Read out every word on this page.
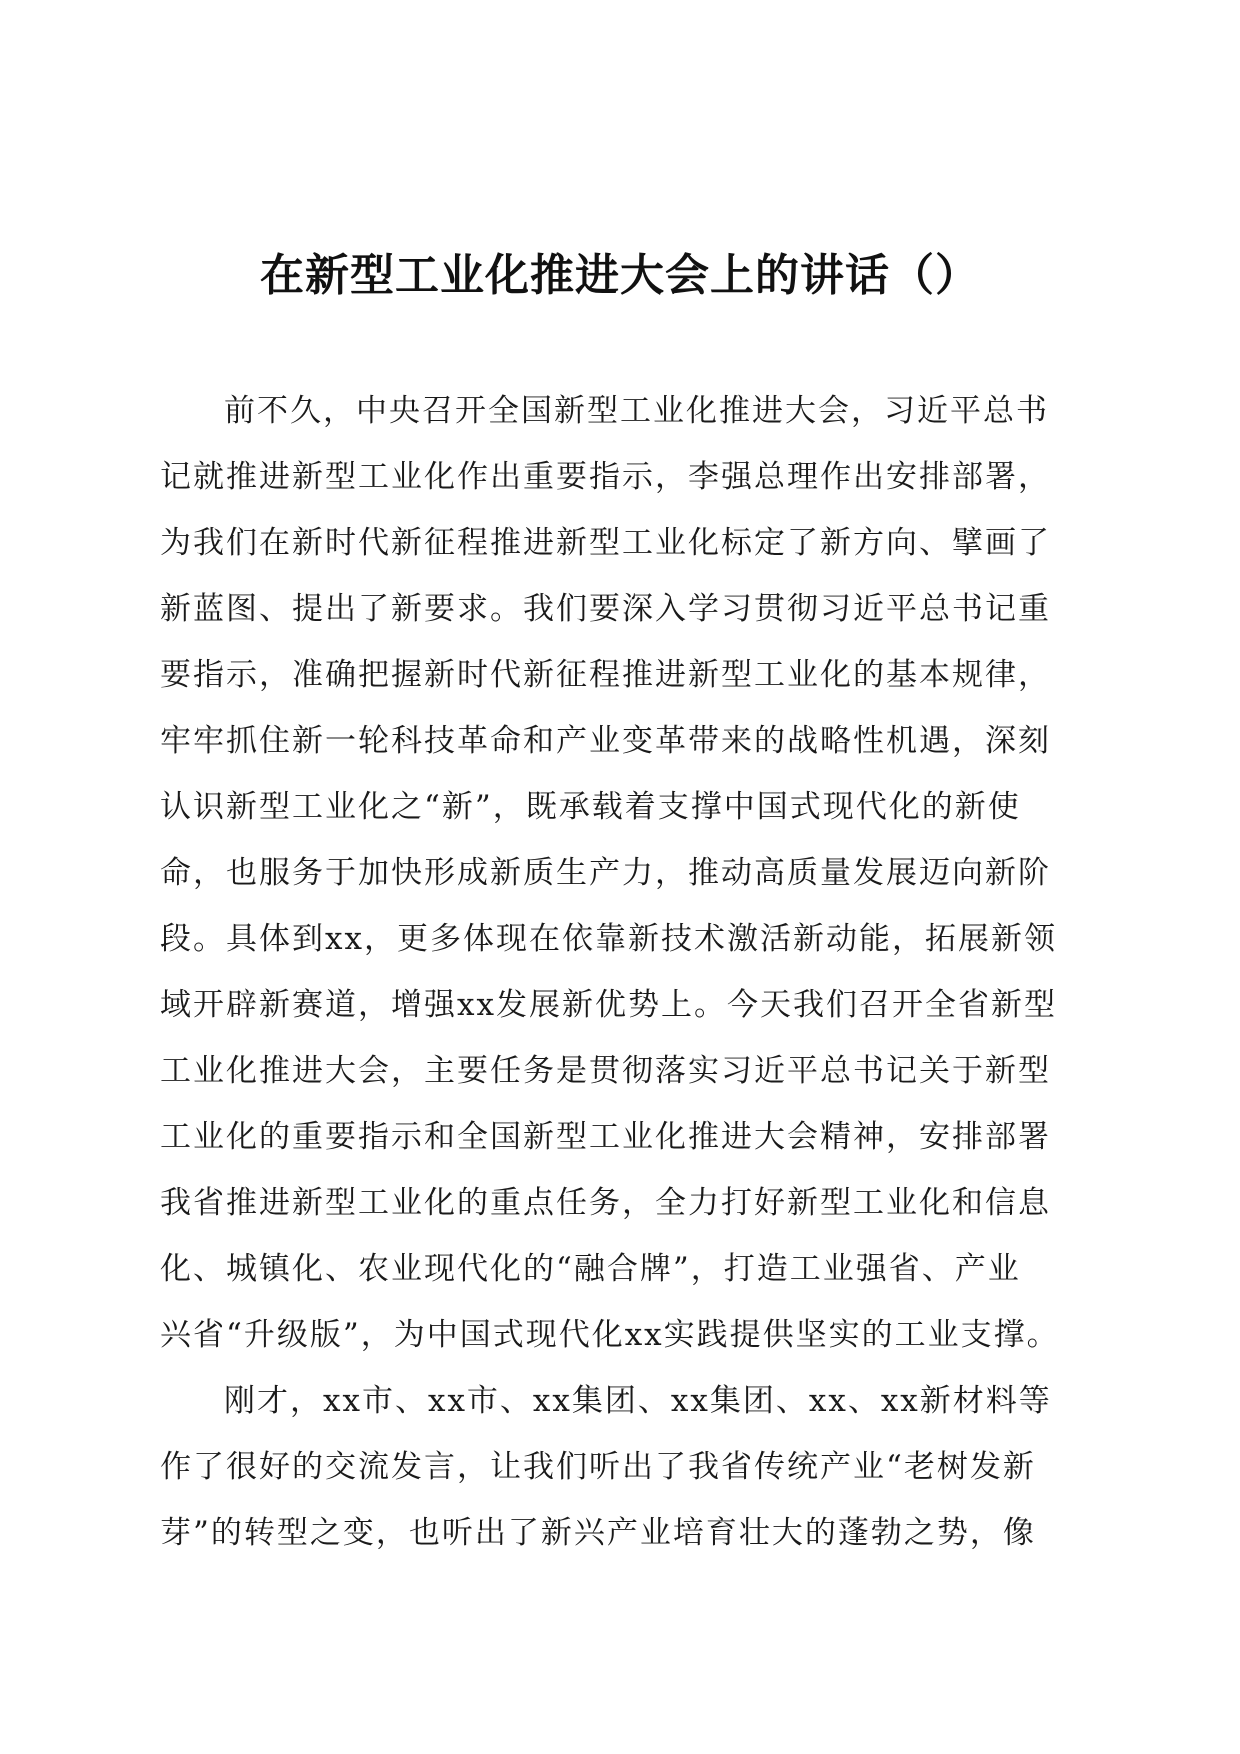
在新型工业化推进大会上的讲话（）
前不久，中央召开全国新型工业化推进大会，习近平总书
记就推进新型工业化作出重要指示，李强总理作出安排部署，
为我们在新时代新征程推进新型工业化标定了新方向、擘画了
新蓝图、提出了新要求。我们要深入学习贯彻习近平总书记重
要指示，准确把握新时代新征程推进新型工业化的基本规律，
牢牢抓住新一轮科技革命和产业变革带来的战略性机遇，深刻
认识新型工业化之“新”，既承载着支撑中国式现代化的新使
命，也服务于加快形成新质生产力，推动高质量发展迈向新阶
段。具体到xx，更多体现在依靠新技术激活新动能，拓展新领
域开辟新赛道，增强xx发展新优势上。今天我们召开全省新型
工业化推进大会，主要任务是贯彻落实习近平总书记关于新型
工业化的重要指示和全国新型工业化推进大会精神，安排部署
我省推进新型工业化的重点任务，全力打好新型工业化和信息
化、城镇化、农业现代化的“融合牌”，打造工业强省、产业
兴省“升级版”，为中国式现代化xx实践提供坚实的工业支撑。
刚才，xx市、xx市、xx集团、xx集团、xx、xx新材料等
作了很好的交流发言，让我们听出了我省传统产业“老树发新
芽”的转型之变，也听出了新兴产业培育壮大的蓬勃之势，像
